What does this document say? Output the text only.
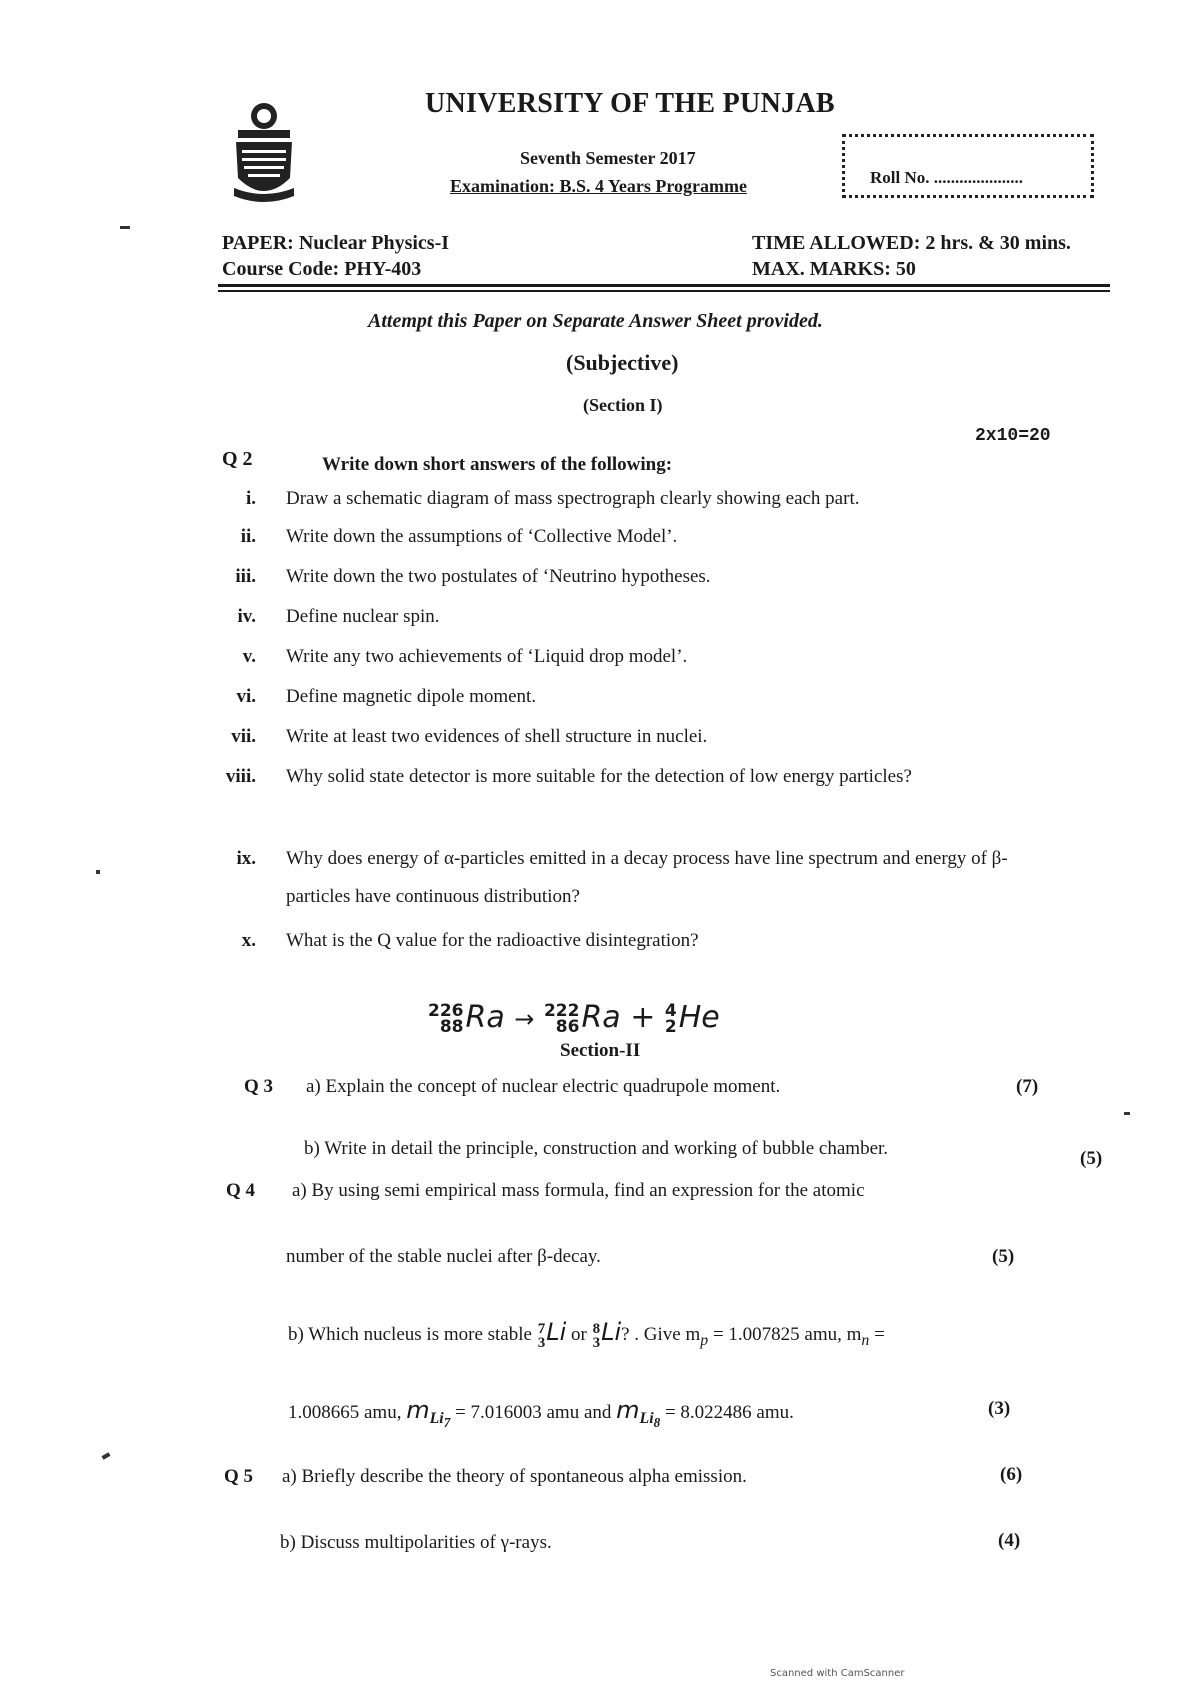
UNIVERSITY OF THE PUNJAB
Seventh Semester 2017
Examination: B.S. 4 Years Programme	Roll No. .....................
PAPER: Nuclear Physics-I
Course Code: PHY-403
TIME ALLOWED: 2 hrs. & 30 mins.
MAX. MARKS: 50
Attempt this Paper on Separate Answer Sheet provided.
(Subjective)
(Section I)
2x10=20
Q 2	Write down short answers of the following:
i. Draw a schematic diagram of mass spectrograph clearly showing each part.
ii. Write down the assumptions of ‘Collective Model’.
iii. Write down the two postulates of ‘Neutrino hypotheses.
iv. Define nuclear spin.
v. Write any two achievements of ‘Liquid drop model’.
vi. Define magnetic dipole moment.
vii. Write at least two evidences of shell structure in nuclei.
viii. Why solid state detector is more suitable for the detection of low energy particles?
ix. Why does energy of α-particles emitted in a decay process have line spectrum and energy of β-particles have continuous distribution?
x. What is the Q value for the radioactive disintegration?
226
88 Ra → 222
86 Ra + 4
2 He
Section-II
Q 3 a) Explain the concept of nuclear electric quadrupole moment.	(7)
b) Write in detail the principle, construction and working of bubble chamber.	(5)
Q 4 a) By using semi empirical mass formula, find an expression for the atomic
number of the stable nuclei after β-decay.	(5)
b) Which nucleus is more stable 7
3 Li or 8
3 Li? . Give $m_p = 1.007825$ amu, $m_n$ =
1.008665 amu, $m_{Li_7} = 7.016003$ amu and $m_{Li_8} = 8.022486$ amu.	(3)
Q 5 a) Briefly describe the theory of spontaneous alpha emission.	(6)
b) Discuss multipolarities of γ-rays.	(4)
Scanned with CamScanner
